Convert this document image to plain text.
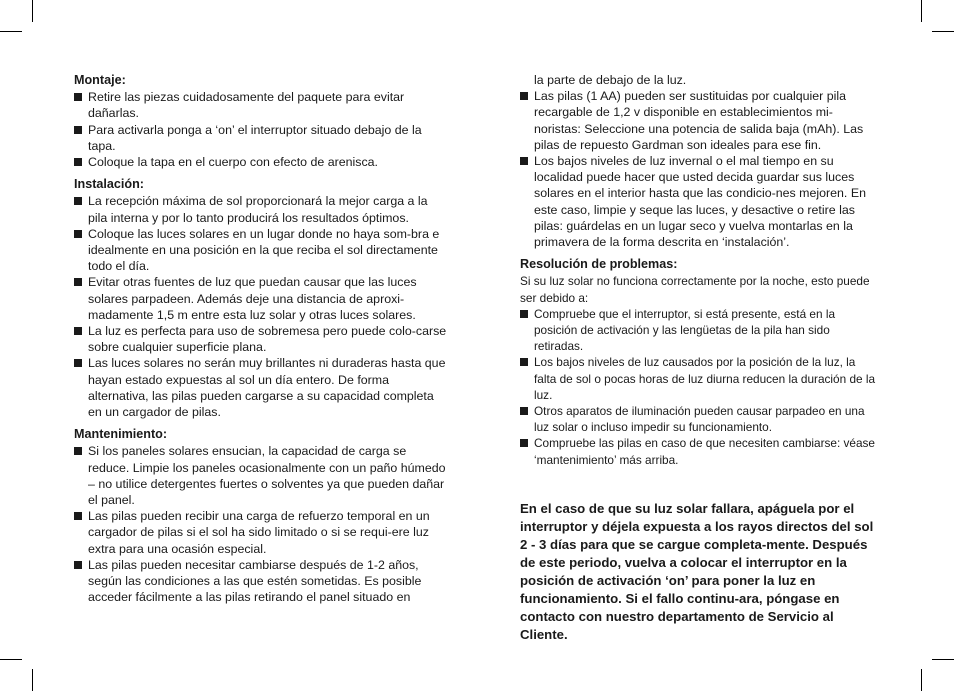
Montaje:
Retire las piezas cuidadosamente del paquete para evitar dañarlas.
Para activarla ponga a ‘on’ el interruptor situado debajo de la tapa.
Coloque la tapa en el cuerpo con efecto de arenisca.
Instalación:
La recepción máxima de sol proporcionará la mejor carga a la pila interna y por lo tanto producirá los resultados óptimos.
Coloque las luces solares en un lugar donde no haya som-bra e idealmente en una posición en la que reciba el sol directamente todo el día.
Evitar otras fuentes de luz que puedan causar que las luces solares parpadeen. Además deje una distancia de aproxi-madamente 1,5 m entre esta luz solar y otras luces solares.
La luz es perfecta para uso de sobremesa pero puede colo-carse sobre cualquier superficie plana.
Las luces solares no serán muy brillantes ni duraderas hasta que hayan estado expuestas al sol un día entero. De forma alternativa, las pilas pueden cargarse a su capacidad completa en un cargador de pilas.
Mantenimiento:
Si los paneles solares ensucian, la capacidad de carga se reduce. Limpie los paneles ocasionalmente con un paño húmedo – no utilice detergentes fuertes o solventes ya que pueden dañar el panel.
Las pilas pueden recibir una carga de refuerzo temporal en un cargador de pilas si el sol ha sido limitado o si se requi-ere luz extra para una ocasión especial.
Las pilas pueden necesitar cambiarse después de 1-2 años, según las condiciones a las que estén sometidas. Es posible acceder fácilmente a las pilas retirando el panel situado en
la parte de debajo de la luz.
Las pilas (1 AA) pueden ser sustituidas por cualquier pila recargable de 1,2 v disponible en establecimientos mi-noristas: Seleccione una potencia de salida baja (mAh). Las pilas de repuesto Gardman son ideales para ese fin.
Los bajos niveles de luz invernal o el mal tiempo en su localidad puede hacer que usted decida guardar sus luces solares en el interior hasta que las condicio-nes mejoren. En este caso, limpie y seque las luces, y desactive o retire las pilas: guárdelas en un lugar seco y vuelva montarlas en la primavera de la forma descrita en ‘instalación’.
Resolución de problemas:

Si su luz solar no funciona correctamente por la noche, esto puede ser debido a:

Compruebe que el interruptor, si está presente, está en la posición de activación y las lengüetas de la pila han sido retiradas.
Los bajos niveles de luz causados por la posición de la luz, la falta de sol o pocas horas de luz diurna reducen la duración de la luz.
Otros aparatos de iluminación pueden causar parpadeo en una luz solar o incluso impedir su funcionamiento.
Compruebe las pilas en caso de que necesiten cambiarse: véase ‘mantenimiento’ más arriba.

En el caso de que su luz solar fallara, apáguela por el interruptor y déjela expuesta a los rayos directos del sol 2 - 3 días para que se cargue completa-mente. Después de este periodo, vuelva a colocar el interruptor en la posición de activación ‘on’ para poner la luz en funcionamiento. Si el fallo continu-ara, póngase en contacto con nuestro departamento de Servicio al Cliente.
